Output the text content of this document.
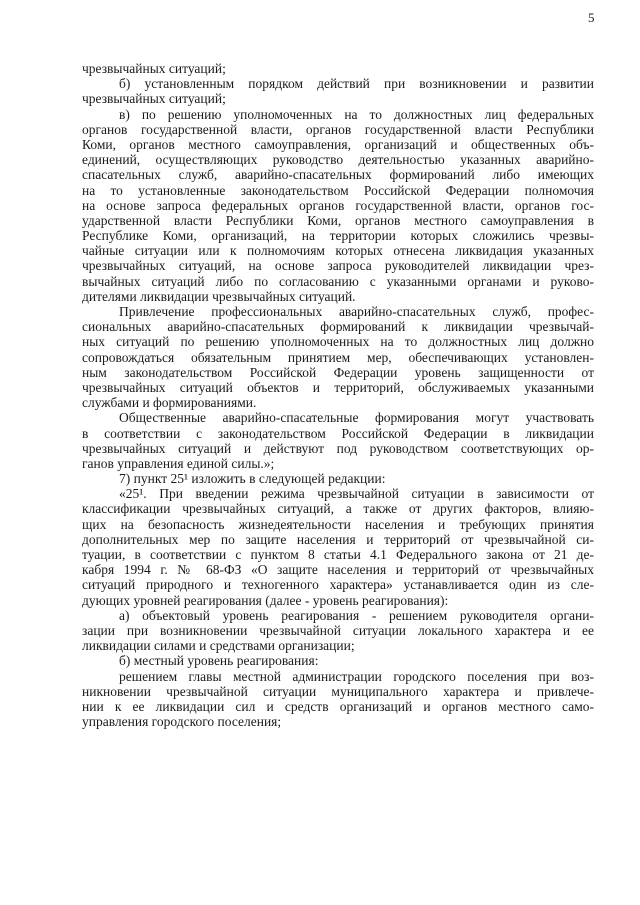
5
чрезвычайных ситуаций;
б) установленным порядком действий при возникновении и развитии
чрезвычайных ситуаций;
в) по решению уполномоченных на то должностных лиц федеральных
органов государственной власти, органов государственной власти Республики
Коми, органов местного самоуправления, организаций и общественных объ-
единений, осуществляющих руководство деятельностью указанных аварийно-
спасательных служб, аварийно-спасательных формирований либо имеющих
на то установленные законодательством Российской Федерации полномочия
на основе запроса федеральных органов государственной власти, органов гос-
ударственной власти Республики Коми, органов местного самоуправления в
Республике Коми, организаций, на территории которых сложились чрезвы-
чайные ситуации или к полномочиям которых отнесена ликвидация указанных
чрезвычайных ситуаций, на основе запроса руководителей ликвидации чрез-
вычайных ситуаций либо по согласованию с указанными органами и руково-
дителями ликвидации чрезвычайных ситуаций.
Привлечение профессиональных аварийно-спасательных служб, профес-
сиональных аварийно-спасательных формирований к ликвидации чрезвычай-
ных ситуаций по решению уполномоченных на то должностных лиц должно
сопровождаться обязательным принятием мер, обеспечивающих установлен-
ным законодательством Российской Федерации уровень защищенности от
чрезвычайных ситуаций объектов и территорий, обслуживаемых указанными
службами и формированиями.
Общественные аварийно-спасательные формирования могут участвовать
в соответствии с законодательством Российской Федерации в ликвидации
чрезвычайных ситуаций и действуют под руководством соответствующих ор-
ганов управления единой силы.»;
7) пункт 25¹ изложить в следующей редакции:
«25¹. При введении режима чрезвычайной ситуации в зависимости от
классификации чрезвычайных ситуаций, а также от других факторов, влияю-
щих на безопасность жизнедеятельности населения и требующих принятия
дополнительных мер по защите населения и территорий от чрезвычайной си-
туации, в соответствии с пунктом 8 статьи 4.1 Федерального закона от 21 де-
кабря 1994 г. № 68-ФЗ «О защите населения и территорий от чрезвычайных
ситуаций природного и техногенного характера» устанавливается один из сле-
дующих уровней реагирования (далее - уровень реагирования):
а) объектовый уровень реагирования - решением руководителя органи-
зации при возникновении чрезвычайной ситуации локального характера и ее
ликвидации силами и средствами организации;
б) местный уровень реагирования:
решением главы местной администрации городского поселения при воз-
никновении чрезвычайной ситуации муниципального характера и привлече-
нии к ее ликвидации сил и средств организаций и органов местного само-
управления городского поселения;
